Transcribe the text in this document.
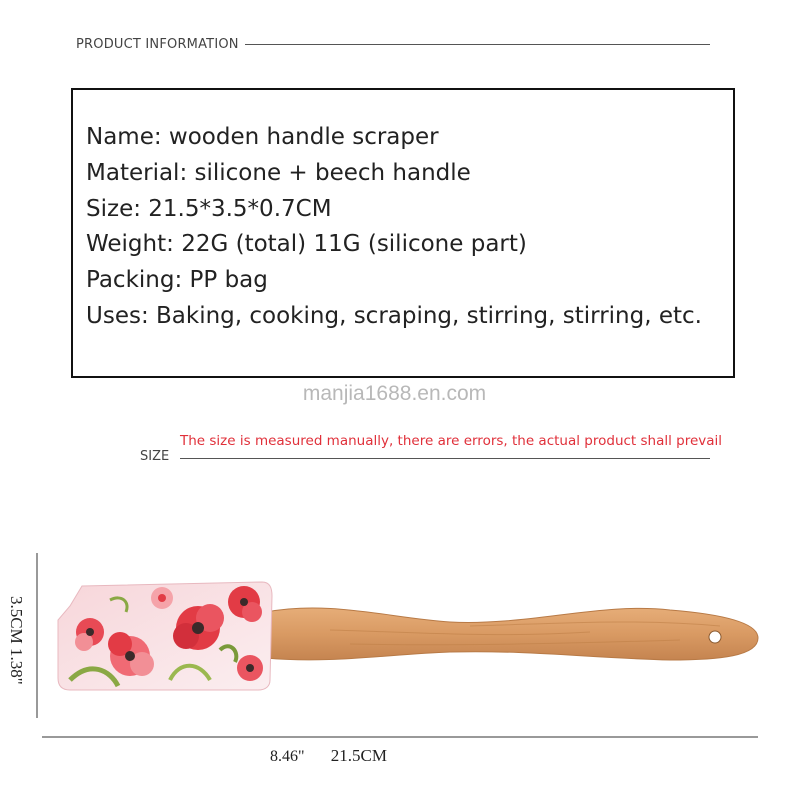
PRODUCT INFORMATION
Name: wooden handle scraper
Material: silicone + beech handle
Size: 21.5*3.5*0.7CM
Weight: 22G (total) 11G (silicone part)
Packing: PP bag
Uses: Baking, cooking, scraping, stirring, stirring, etc.
manjia1688.en.com
The size is measured manually, there are errors, the actual product shall prevail
SIZE
3.5CM 1.38"
8.46" 21.5CM
